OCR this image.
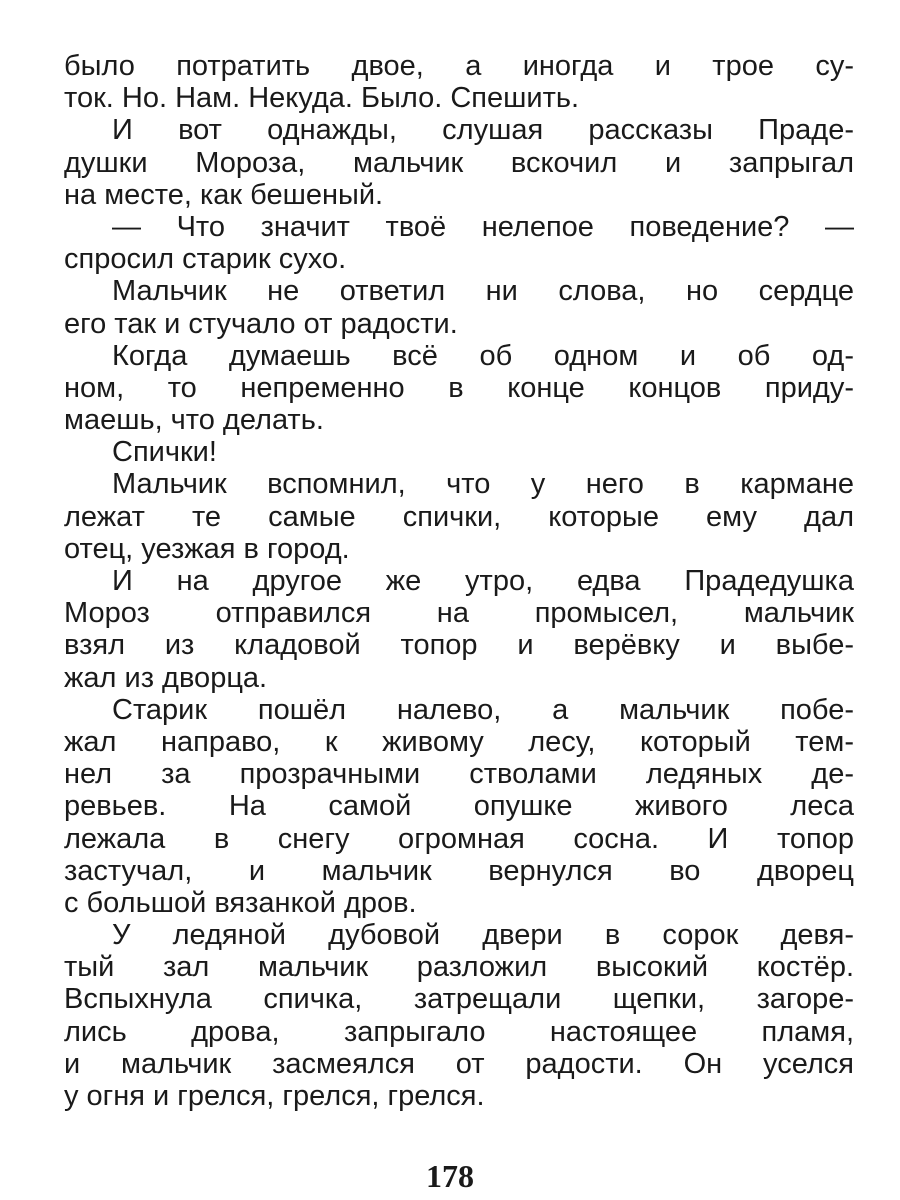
было потратить двое, а иногда и трое су-
ток. Но. Нам. Некуда. Было. Спешить.
И вот однажды, слушая рассказы Праде-
душки Мороза, мальчик вскочил и запрыгал
на месте, как бешеный.
— Что значит твоё нелепое поведение? —
спросил старик сухо.
Мальчик не ответил ни слова, но сердце
его так и стучало от радости.
Когда думаешь всё об одном и об од-
ном, то непременно в конце концов приду-
маешь, что делать.
Спички!
Мальчик вспомнил, что у него в кармане
лежат те самые спички, которые ему дал
отец, уезжая в город.
И на другое же утро, едва Прадедушка
Мороз отправился на промысел, мальчик
взял из кладовой топор и верёвку и выбе-
жал из дворца.
Старик пошёл налево, а мальчик побе-
жал направо, к живому лесу, который тем-
нел за прозрачными стволами ледяных де-
ревьев. На самой опушке живого леса
лежала в снегу огромная сосна. И топор
застучал, и мальчик вернулся во дворец
с большой вязанкой дров.
У ледяной дубовой двери в сорок девя-
тый зал мальчик разложил высокий костёр.
Вспыхнула спичка, затрещали щепки, загоре-
лись дрова, запрыгало настоящее пламя,
и мальчик засмеялся от радости. Он уселся
у огня и грелся, грелся, грелся.
178
